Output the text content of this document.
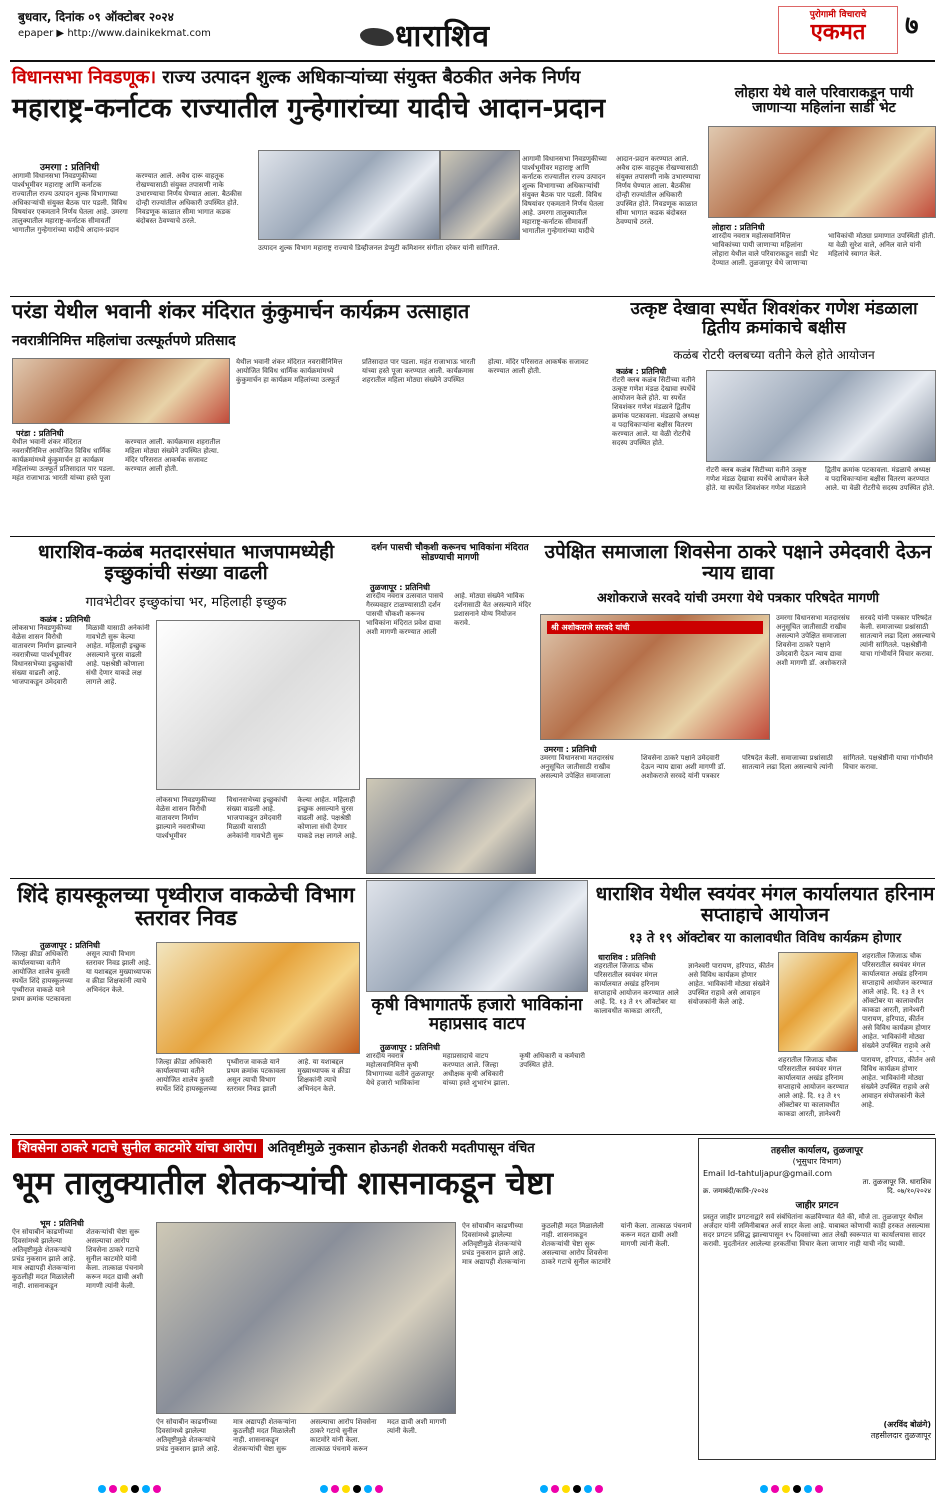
बुधवार, दिनांक ०९ ऑक्टोबर २०२४
epaper ▶ http://www.dainikekmat.com	धाराशिव
पुरोगामी विचाराचे
एकमत	७
विधानसभा निवडणूक। राज्य उत्पादन शुल्क अधिकाऱ्यांच्या संयुक्त बैठकीत अनेक निर्णय
महाराष्ट्र-कर्नाटक राज्यातील गुन्हेगारांच्या यादीचे आदान-प्रदान
उमरगा : प्रतिनिधी
आगामी विधानसभा निवडणुकीच्या पार्श्वभूमीवर महाराष्ट्र आणि कर्नाटक राज्यातील राज्य उत्पादन शुल्क विभागाच्या अधिकाऱ्यांची संयुक्त बैठक पार पडली. विविध विषयांवर एकमताने निर्णय घेतला आहे. उमरगा तालुक्यातील महाराष्ट्र-कर्नाटक सीमावर्ती भागातील गुन्हेगारांच्या यादीचे आदान-प्रदान करण्यात आले. अवैध दारू वाहतूक रोखण्यासाठी संयुक्त तपासणी नाके उभारण्याचा निर्णय घेण्यात आला. बैठकीस दोन्ही राज्यांतील अधिकारी उपस्थित होते. निवडणूक काळात सीमा भागात कडक बंदोबस्त ठेवण्याचे ठरले.
उत्पादन शुल्क विभाग महाराष्ट्र राज्याचे डिव्हीजनल डेप्युटी कमिशनर संगीता दरेकर यांनी सांगितले.
आगामी विधानसभा निवडणुकीच्या पार्श्वभूमीवर महाराष्ट्र आणि कर्नाटक राज्यातील राज्य उत्पादन शुल्क विभागाच्या अधिकाऱ्यांची संयुक्त बैठक पार पडली. विविध विषयांवर एकमताने निर्णय घेतला आहे. उमरगा तालुक्यातील महाराष्ट्र-कर्नाटक सीमावर्ती भागातील गुन्हेगारांच्या यादीचे आदान-प्रदान करण्यात आले. अवैध दारू वाहतूक रोखण्यासाठी संयुक्त तपासणी नाके उभारण्याचा निर्णय घेण्यात आला. बैठकीस दोन्ही राज्यांतील अधिकारी उपस्थित होते. निवडणूक काळात सीमा भागात कडक बंदोबस्त ठेवण्याचे ठरले.
लोहारा येथे वाले परिवाराकडून पायी जाणाऱ्या महिलांना साडी भेट
लोहारा : प्रतिनिधी
शारदीय नवरात्र महोत्सवानिमित्त भाविकांच्या पायी जाणाऱ्या महिलांना लोहारा येथील वाले परिवाराकडून साडी भेट देण्यात आली. तुळजापूर येथे जाणाऱ्या भाविकांची मोठ्या प्रमाणात उपस्थिती होती. या वेळी सुरेश वाले, अनिल वाले यांनी महिलांचे स्वागत केले.
परंडा येथील भवानी शंकर मंदिरात कुंकुमार्चन कार्यक्रम उत्साहात
नवरात्रीनिमित्त महिलांचा उत्स्फूर्तपणे प्रतिसाद
परंडा : प्रतिनिधी
येथील भवानी शंकर मंदिरात नवरात्रीनिमित्त आयोजित विविध धार्मिक कार्यक्रमांमध्ये कुंकुमार्चन हा कार्यक्रम महिलांच्या उत्स्फूर्त प्रतिसादात पार पडला. महंत राजाभाऊ भारती यांच्या हस्ते पूजा करण्यात आली. कार्यक्रमास शहरातील महिला मोठ्या संख्येने उपस्थित होत्या. मंदिर परिसरात आकर्षक सजावट करण्यात आली होती.
येथील भवानी शंकर मंदिरात नवरात्रीनिमित्त आयोजित विविध धार्मिक कार्यक्रमांमध्ये कुंकुमार्चन हा कार्यक्रम महिलांच्या उत्स्फूर्त प्रतिसादात पार पडला. महंत राजाभाऊ भारती यांच्या हस्ते पूजा करण्यात आली. कार्यक्रमास शहरातील महिला मोठ्या संख्येने उपस्थित होत्या. मंदिर परिसरात आकर्षक सजावट करण्यात आली होती.
उत्कृष्ट देखावा स्पर्धेत शिवशंकर गणेश मंडळाला द्वितीय क्रमांकाचे बक्षीस
कळंब रोटरी क्लबच्या वतीने केले होते आयोजन
कळंब : प्रतिनिधी
रोटरी क्लब कळंब सिटीच्या वतीने उत्कृष्ट गणेश मंडळ देखावा स्पर्धेचे आयोजन केले होते. या स्पर्धेत शिवशंकर गणेश मंडळाने द्वितीय क्रमांक पटकावला. मंडळाचे अध्यक्ष व पदाधिकाऱ्यांना बक्षीस वितरण करण्यात आले. या वेळी रोटरीचे सदस्य उपस्थित होते.
रोटरी क्लब कळंब सिटीच्या वतीने उत्कृष्ट गणेश मंडळ देखावा स्पर्धेचे आयोजन केले होते. या स्पर्धेत शिवशंकर गणेश मंडळाने द्वितीय क्रमांक पटकावला. मंडळाचे अध्यक्ष व पदाधिकाऱ्यांना बक्षीस वितरण करण्यात आले. या वेळी रोटरीचे सदस्य उपस्थित होते.
धाराशिव-कळंब मतदारसंघात भाजपामध्येही इच्छुकांची संख्या वाढली
गावभेटीवर इच्छुकांचा भर, महिलाही इच्छुक
कळंब : प्रतिनिधी
लोकसभा निवडणुकीच्या वेळेस शासन विरोधी वातावरण निर्माण झाल्याने नवरात्रीच्या पार्श्वभूमीवर विधानसभेच्या इच्छुकांची संख्या वाढली आहे. भाजपाकडून उमेदवारी मिळावी यासाठी अनेकांनी गावभेटी सुरू केल्या आहेत. महिलाही इच्छुक असल्याने चुरस वाढली आहे. पक्षश्रेष्ठी कोणाला संधी देणार याकडे लक्ष लागले आहे.
लोकसभा निवडणुकीच्या वेळेस शासन विरोधी वातावरण निर्माण झाल्याने नवरात्रीच्या पार्श्वभूमीवर विधानसभेच्या इच्छुकांची संख्या वाढली आहे. भाजपाकडून उमेदवारी मिळावी यासाठी अनेकांनी गावभेटी सुरू केल्या आहेत. महिलाही इच्छुक असल्याने चुरस वाढली आहे. पक्षश्रेष्ठी कोणाला संधी देणार याकडे लक्ष लागले आहे.
दर्शन पासची चौकशी करूनच भाविकांना मंदिरात सोडण्याची मागणी
तुळजापूर : प्रतिनिधी
शारदीय नवरात्र उत्सवात पासचे गैरव्यवहार टाळण्यासाठी दर्शन पासची चौकशी करूनच भाविकांना मंदिरात प्रवेश द्यावा अशी मागणी करण्यात आली आहे. मोठ्या संख्येने भाविक दर्शनासाठी येत असल्याने मंदिर प्रशासनाने योग्य नियोजन करावे.
उपेक्षित समाजाला शिवसेना ठाकरे पक्षाने उमेदवारी देऊन न्याय द्यावा
अशोकराजे सरवदे यांची उमरगा येथे पत्रकार परिषदेत मागणी
श्री अशोकराजे सरवदे यांची
उमरगा : प्रतिनिधी
उमरगा विधानसभा मतदारसंघ अनुसूचित जातीसाठी राखीव असल्याने उपेक्षित समाजाला शिवसेना ठाकरे पक्षाने उमेदवारी देऊन न्याय द्यावा अशी मागणी डॉ. अशोकराजे सरवदे यांनी पत्रकार परिषदेत केली. समाजाच्या प्रश्नांसाठी सातत्याने लढा दिला असल्याचे त्यांनी सांगितले. पक्षश्रेष्ठींनी याचा गांभीर्याने विचार करावा.
उमरगा विधानसभा मतदारसंघ अनुसूचित जातीसाठी राखीव असल्याने उपेक्षित समाजाला शिवसेना ठाकरे पक्षाने उमेदवारी देऊन न्याय द्यावा अशी मागणी डॉ. अशोकराजे सरवदे यांनी पत्रकार परिषदेत केली. समाजाच्या प्रश्नांसाठी सातत्याने लढा दिला असल्याचे त्यांनी सांगितले. पक्षश्रेष्ठींनी याचा गांभीर्याने विचार करावा.
शिंदे हायस्कूलच्या पृथ्वीराज वाकळेची विभाग स्तरावर निवड
तुळजापूर : प्रतिनिधी
जिल्हा क्रीडा अधिकारी कार्यालयाच्या वतीने आयोजित शालेय कुस्ती स्पर्धेत शिंदे हायस्कूलच्या पृथ्वीराज वाकळे याने प्रथम क्रमांक पटकावला असून त्याची विभाग स्तरावर निवड झाली आहे. या यशाबद्दल मुख्याध्यापक व क्रीडा शिक्षकांनी त्याचे अभिनंदन केले.
जिल्हा क्रीडा अधिकारी कार्यालयाच्या वतीने आयोजित शालेय कुस्ती स्पर्धेत शिंदे हायस्कूलच्या पृथ्वीराज वाकळे याने प्रथम क्रमांक पटकावला असून त्याची विभाग स्तरावर निवड झाली आहे. या यशाबद्दल मुख्याध्यापक व क्रीडा शिक्षकांनी त्याचे अभिनंदन केले.
कृषी विभागातर्फे हजारो भाविकांना महाप्रसाद वाटप
तुळजापूर : प्रतिनिधी
शारदीय नवरात्र महोत्सवानिमित्त कृषी विभागाच्या वतीने तुळजापूर येथे हजारो भाविकांना महाप्रसादाचे वाटप करण्यात आले. जिल्हा अधीक्षक कृषी अधिकारी यांच्या हस्ते शुभारंभ झाला. कृषी अधिकारी व कर्मचारी उपस्थित होते.
धाराशिव येथील स्वयंवर मंगल कार्यालयात हरिनाम सप्ताहाचे आयोजन
१३ ते १९ ऑक्टोबर या कालावधीत विविध कार्यक्रम होणार
धाराशिव : प्रतिनिधी
शहरातील जिजाऊ चौक परिसरातील स्वयंवर मंगल कार्यालयात अखंड हरिनाम सप्ताहाचे आयोजन करण्यात आले आहे. दि. १३ ते १९ ऑक्टोबर या कालावधीत काकडा आरती, ज्ञानेश्वरी पारायण, हरिपाठ, कीर्तन असे विविध कार्यक्रम होणार आहेत. भाविकांनी मोठ्या संख्येने उपस्थित राहावे असे आवाहन संयोजकांनी केले आहे.
शहरातील जिजाऊ चौक परिसरातील स्वयंवर मंगल कार्यालयात अखंड हरिनाम सप्ताहाचे आयोजन करण्यात आले आहे. दि. १३ ते १९ ऑक्टोबर या कालावधीत काकडा आरती, ज्ञानेश्वरी पारायण, हरिपाठ, कीर्तन असे विविध कार्यक्रम होणार आहेत. भाविकांनी मोठ्या संख्येने उपस्थित राहावे असे
शहरातील जिजाऊ चौक परिसरातील स्वयंवर मंगल कार्यालयात अखंड हरिनाम सप्ताहाचे आयोजन करण्यात आले आहे. दि. १३ ते १९ ऑक्टोबर या कालावधीत काकडा आरती, ज्ञानेश्वरी पारायण, हरिपाठ, कीर्तन असे विविध कार्यक्रम होणार आहेत. भाविकांनी मोठ्या संख्येने उपस्थित राहावे असे आवाहन संयोजकांनी केले आहे.
शिवसेना ठाकरे गटाचे सुनील काटमोरे यांचा आरोप। अतिवृष्टीमुळे नुकसान होऊनही शेतकरी मदतीपासून वंचित
भूम तालुक्यातील शेतकऱ्यांची शासनाकडून चेष्टा
भूम : प्रतिनिधी
ऐन सोयाबीन काढणीच्या दिवसांमध्ये झालेल्या अतिवृष्टीमुळे शेतकऱ्यांचे प्रचंड नुकसान झाले आहे. मात्र अद्यापही शेतकऱ्यांना कुठलीही मदत मिळालेली नाही. शासनाकडून शेतकऱ्यांची चेष्टा सुरू असल्याचा आरोप शिवसेना ठाकरे गटाचे सुनील काटमोरे यांनी केला. तात्काळ पंचनामे करून मदत द्यावी अशी मागणी त्यांनी केली.
ऐन सोयाबीन काढणीच्या दिवसांमध्ये झालेल्या अतिवृष्टीमुळे शेतकऱ्यांचे प्रचंड नुकसान झाले आहे. मात्र अद्यापही शेतकऱ्यांना कुठलीही मदत मिळालेली नाही. शासनाकडून शेतकऱ्यांची चेष्टा सुरू असल्याचा आरोप शिवसेना ठाकरे गटाचे सुनील काटमोरे यांनी केला. तात्काळ पंचनामे करून मदत द्यावी अशी मागणी त्यांनी केली.
ऐन सोयाबीन काढणीच्या दिवसांमध्ये झालेल्या अतिवृष्टीमुळे शेतकऱ्यांचे प्रचंड नुकसान झाले आहे. मात्र अद्यापही शेतकऱ्यांना कुठलीही मदत मिळालेली नाही. शासनाकडून शेतकऱ्यांची चेष्टा सुरू असल्याचा आरोप शिवसेना ठाकरे गटाचे सुनील काटमोरे यांनी केला. तात्काळ पंचनामे करून मदत द्यावी अशी मागणी त्यांनी केली.
तहसील कार्यालय, तुळजापूर
(भूसुधार विभाग)
Email Id-tahtuljapur@gmail.com
ता. तुळजापूर जि. धाराशिव
क्र. जमाबंदी/कावि-/२०२४	दि. ०७/१०/२०२४
जाहीर प्रगटन
प्रस्तुत जाहीर प्रगटनाद्वारे सर्व संबंधितांना कळविण्यात येते की, मौजे ता. तुळजापूर येथील अर्जदार यांनी जमिनीबाबत अर्ज सादर केला आहे. याबाबत कोणाची काही हरकत असल्यास सदर प्रगटन प्रसिद्ध झाल्यापासून १५ दिवसांच्या आत लेखी स्वरूपात या कार्यालयास सादर करावी. मुदतीनंतर आलेल्या हरकतींचा विचार केला जाणार नाही याची नोंद घ्यावी.
(अरविंद बोळंगे)
तहसीलदार तुळजापूर
